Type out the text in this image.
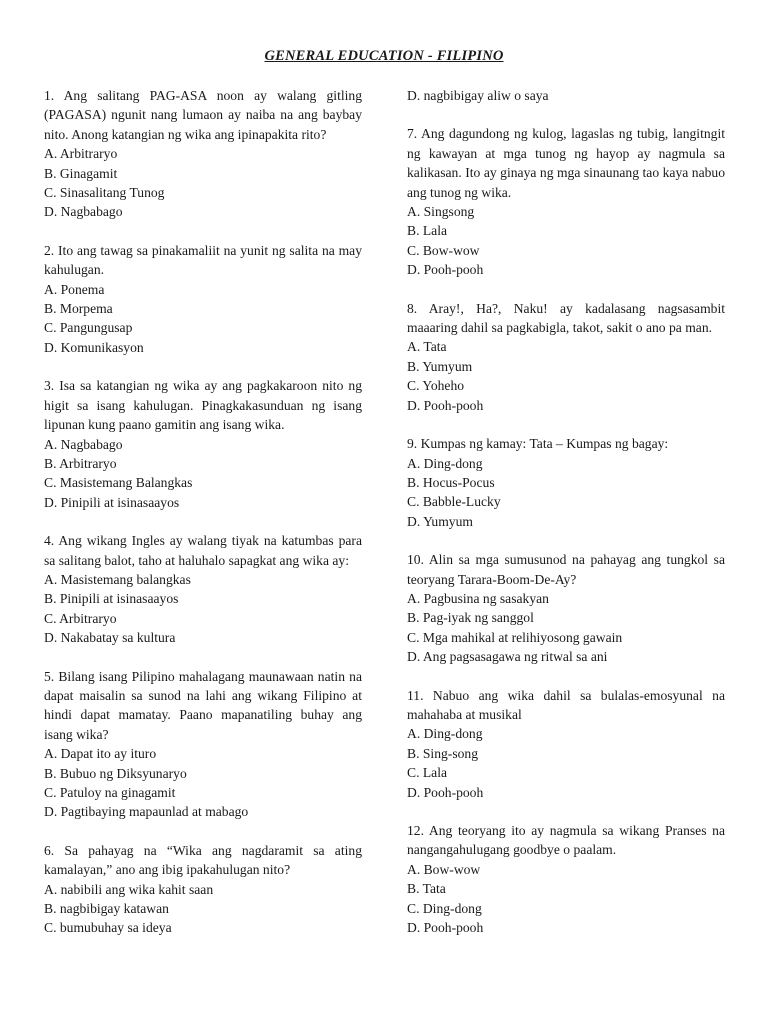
GENERAL EDUCATION - FILIPINO
1. Ang salitang PAG-ASA noon ay walang gitling (PAGASA) ngunit nang lumaon ay naiba na ang baybay nito. Anong katangian ng wika ang ipinapakita rito?
A. Arbitraryo
B. Ginagamit
C. Sinasalitang Tunog
D. Nagbabago
2. Ito ang tawag sa pinakamaliit na yunit ng salita na may kahulugan.
A. Ponema
B. Morpema
C. Pangungusap
D. Komunikasyon
3. Isa sa katangian ng wika ay ang pagkakaroon nito ng higit sa isang kahulugan. Pinagkakasunduan ng isang lipunan kung paano gamitin ang isang wika.
A. Nagbabago
B. Arbitraryo
C. Masistemang Balangkas
D. Pinipili at isinasaayos
4. Ang wikang Ingles ay walang tiyak na katumbas para sa salitang balot, taho at haluhalo sapagkat ang wika ay:
A. Masistemang balangkas
B. Pinipili at isinasaayos
C. Arbitraryo
D. Nakabatay sa kultura
5. Bilang isang Pilipino mahalagang maunawaan natin na dapat maisalin sa sunod na lahi ang wikang Filipino at hindi dapat mamatay. Paano mapanatiling buhay ang isang wika?
A. Dapat ito ay ituro
B. Bubuo ng Diksyunaryo
C. Patuloy na ginagamit
D. Pagtibaying mapaunlad at mabago
6. Sa pahayag na “Wika ang nagdaramit sa ating kamalayan,” ano ang ibig ipakahulugan nito?
A. nabibili ang wika kahit saan
B. nagbibigay katawan
C. bumubuhay sa ideya
D. nagbibigay aliw o saya
7. Ang dagundong ng kulog, lagaslas ng tubig, langitngit ng kawayan at mga tunog ng hayop ay nagmula sa kalikasan. Ito ay ginaya ng mga sinaunang tao kaya nabuo ang tunog ng wika.
A. Singsong
B. Lala
C. Bow-wow
D. Pooh-pooh
8. Aray!, Ha?, Naku! ay kadalasang nagsasambit maaaring dahil sa pagkabigla, takot, sakit o ano pa man.
A. Tata
B. Yumyum
C. Yoheho
D. Pooh-pooh
9. Kumpas ng kamay: Tata – Kumpas ng bagay:
A. Ding-dong
B. Hocus-Pocus
C. Babble-Lucky
D. Yumyum
10. Alin sa mga sumusunod na pahayag ang tungkol sa teoryang Tarara-Boom-De-Ay?
A. Pagbusina ng sasakyan
B. Pag-iyak ng sanggol
C. Mga mahikal at relihiyosong gawain
D. Ang pagsasagawa ng ritwal sa ani
11. Nabuo ang wika dahil sa bulalas-emosyunal na mahahaba at musikal
A. Ding-dong
B. Sing-song
C. Lala
D. Pooh-pooh
12. Ang teoryang ito ay nagmula sa wikang Pranses na nangangahulugang goodbye o paalam.
A. Bow-wow
B. Tata
C. Ding-dong
D. Pooh-pooh
